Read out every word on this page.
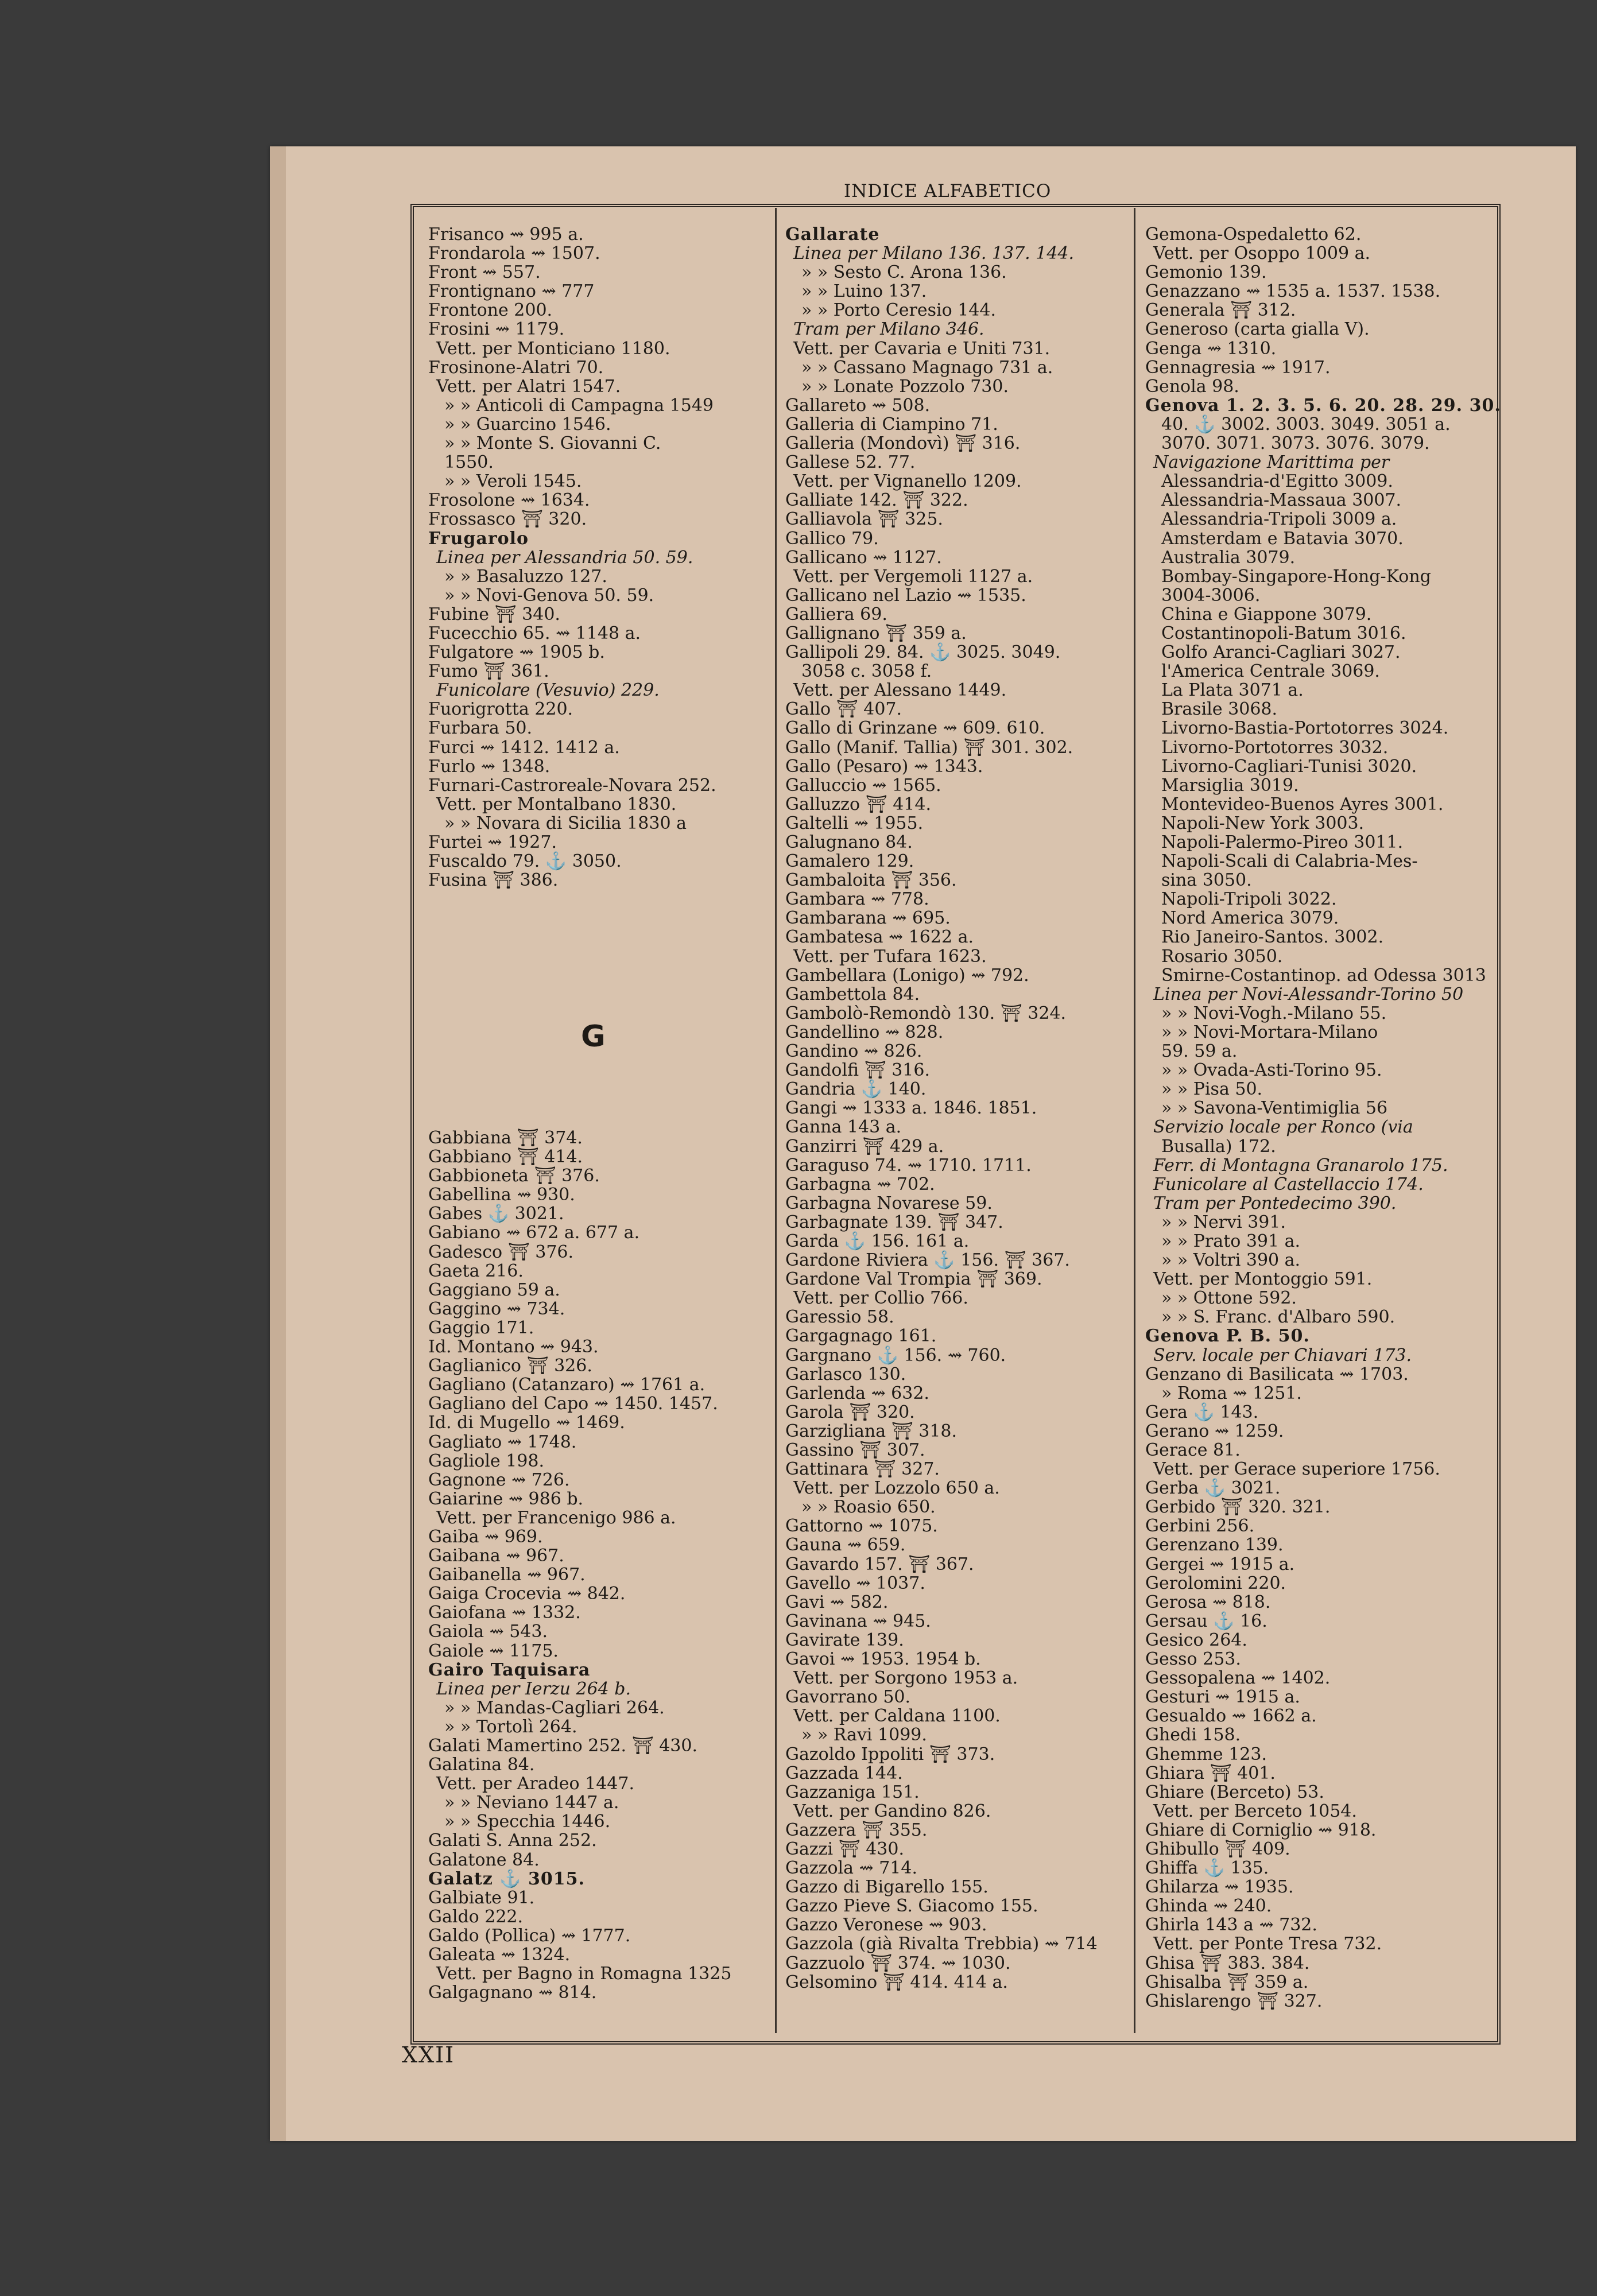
INDICE ALFABETICO
Frisanco ⇝ 995 a.
Frondarola ⇝ 1507.
Front ⇝ 557.
Frontignano ⇝ 777
Frontone 200.
Frosini ⇝ 1179.
Vett. per Monticiano 1180.
Frosinone-Alatri 70.
Vett. per Alatri 1547.
» » Anticoli di Campagna 1549
» » Guarcino 1546.
» » Monte S. Giovanni C.
1550.
» » Veroli 1545.
Frosolone ⇝ 1634.
Frossasco ⛩ 320.
Frugarolo
Linea per Alessandria 50. 59.
» » Basaluzzo 127.
» » Novi-Genova 50. 59.
Fubine ⛩ 340.
Fucecchio 65. ⇝ 1148 a.
Fulgatore ⇝ 1905 b.
Fumo ⛩ 361.
Funicolare (Vesuvio) 229.
Fuorigrotta 220.
Furbara 50.
Furci ⇝ 1412. 1412 a.
Furlo ⇝ 1348.
Furnari-Castroreale-Novara 252.
Vett. per Montalbano 1830.
» » Novara di Sicilia 1830 a
Furtei ⇝ 1927.
Fuscaldo 79. ⚓ 3050.
Fusina ⛩ 386.
G
Gabbiana ⛩ 374.
Gabbiano ⛩ 414.
Gabbioneta ⛩ 376.
Gabellina ⇝ 930.
Gabes ⚓ 3021.
Gabiano ⇝ 672 a. 677 a.
Gadesco ⛩ 376.
Gaeta 216.
Gaggiano 59 a.
Gaggino ⇝ 734.
Gaggio 171.
Id. Montano ⇝ 943.
Gaglianico ⛩ 326.
Gagliano (Catanzaro) ⇝ 1761 a.
Gagliano del Capo ⇝ 1450. 1457.
Id. di Mugello ⇝ 1469.
Gagliato ⇝ 1748.
Gagliole 198.
Gagnone ⇝ 726.
Gaiarine ⇝ 986 b.
Vett. per Francenigo 986 a.
Gaiba ⇝ 969.
Gaibana ⇝ 967.
Gaibanella ⇝ 967.
Gaiga Crocevia ⇝ 842.
Gaiofana ⇝ 1332.
Gaiola ⇝ 543.
Gaiole ⇝ 1175.
Gairo Taquisara
Linea per Ierzu 264 b.
» » Mandas-Cagliari 264.
» » Tortolì 264.
Galati Mamertino 252. ⛩ 430.
Galatina 84.
Vett. per Aradeo 1447.
» » Neviano 1447 a.
» » Specchia 1446.
Galati S. Anna 252.
Galatone 84.
Galatz ⚓ 3015.
Galbiate 91.
Galdo 222.
Galdo (Pollica) ⇝ 1777.
Galeata ⇝ 1324.
Vett. per Bagno in Romagna 1325
Galgagnano ⇝ 814.
Gallarate
Linea per Milano 136. 137. 144.
» » Sesto C. Arona 136.
» » Luino 137.
» » Porto Ceresio 144.
Tram per Milano 346.
Vett. per Cavaria e Uniti 731.
» » Cassano Magnago 731 a.
» » Lonate Pozzolo 730.
Gallareto ⇝ 508.
Galleria di Ciampino 71.
Galleria (Mondovì) ⛩ 316.
Gallese 52. 77.
Vett. per Vignanello 1209.
Galliate 142. ⛩ 322.
Galliavola ⛩ 325.
Gallico 79.
Gallicano ⇝ 1127.
Vett. per Vergemoli 1127 a.
Gallicano nel Lazio ⇝ 1535.
Galliera 69.
Gallignano ⛩ 359 a.
Gallipoli 29. 84. ⚓ 3025. 3049.
3058 c. 3058 f.
Vett. per Alessano 1449.
Gallo ⛩ 407.
Gallo di Grinzane ⇝ 609. 610.
Gallo (Manif. Tallia) ⛩ 301. 302.
Gallo (Pesaro) ⇝ 1343.
Galluccio ⇝ 1565.
Galluzzo ⛩ 414.
Galtelli ⇝ 1955.
Galugnano 84.
Gamalero 129.
Gambaloita ⛩ 356.
Gambara ⇝ 778.
Gambarana ⇝ 695.
Gambatesa ⇝ 1622 a.
Vett. per Tufara 1623.
Gambellara (Lonigo) ⇝ 792.
Gambettola 84.
Gambolò-Remondò 130. ⛩ 324.
Gandellino ⇝ 828.
Gandino ⇝ 826.
Gandolfi ⛩ 316.
Gandria ⚓ 140.
Gangi ⇝ 1333 a. 1846. 1851.
Ganna 143 a.
Ganzirri ⛩ 429 a.
Garaguso 74. ⇝ 1710. 1711.
Garbagna ⇝ 702.
Garbagna Novarese 59.
Garbagnate 139. ⛩ 347.
Garda ⚓ 156. 161 a.
Gardone Riviera ⚓ 156. ⛩ 367.
Gardone Val Trompia ⛩ 369.
Vett. per Collio 766.
Garessio 58.
Gargagnago 161.
Gargnano ⚓ 156. ⇝ 760.
Garlasco 130.
Garlenda ⇝ 632.
Garola ⛩ 320.
Garzigliana ⛩ 318.
Gassino ⛩ 307.
Gattinara ⛩ 327.
Vett. per Lozzolo 650 a.
» » Roasio 650.
Gattorno ⇝ 1075.
Gauna ⇝ 659.
Gavardo 157. ⛩ 367.
Gavello ⇝ 1037.
Gavi ⇝ 582.
Gavinana ⇝ 945.
Gavirate 139.
Gavoi ⇝ 1953. 1954 b.
Vett. per Sorgono 1953 a.
Gavorrano 50.
Vett. per Caldana 1100.
» » Ravi 1099.
Gazoldo Ippoliti ⛩ 373.
Gazzada 144.
Gazzaniga 151.
Vett. per Gandino 826.
Gazzera ⛩ 355.
Gazzi ⛩ 430.
Gazzola ⇝ 714.
Gazzo di Bigarello 155.
Gazzo Pieve S. Giacomo 155.
Gazzo Veronese ⇝ 903.
Gazzola (già Rivalta Trebbia) ⇝ 714
Gazzuolo ⛩ 374. ⇝ 1030.
Gelsomino ⛩ 414. 414 a.
Gemona-Ospedaletto 62.
Vett. per Osoppo 1009 a.
Gemonio 139.
Genazzano ⇝ 1535 a. 1537. 1538.
Generala ⛩ 312.
Generoso (carta gialla V).
Genga ⇝ 1310.
Gennagresia ⇝ 1917.
Genola 98.
Genova 1. 2. 3. 5. 6. 20. 28. 29. 30.
40. ⚓ 3002. 3003. 3049. 3051 a.
3070. 3071. 3073. 3076. 3079.
Navigazione Marittima per
Alessandria-d'Egitto 3009.
Alessandria-Massaua 3007.
Alessandria-Tripoli 3009 a.
Amsterdam e Batavia 3070.
Australia 3079.
Bombay-Singapore-Hong-Kong
3004-3006.
China e Giappone 3079.
Costantinopoli-Batum 3016.
Golfo Aranci-Cagliari 3027.
l'America Centrale 3069.
La Plata 3071 a.
Brasile 3068.
Livorno-Bastia-Portotorres 3024.
Livorno-Portotorres 3032.
Livorno-Cagliari-Tunisi 3020.
Marsiglia 3019.
Montevideo-Buenos Ayres 3001.
Napoli-New York 3003.
Napoli-Palermo-Pireo 3011.
Napoli-Scali di Calabria-Mes-
sina 3050.
Napoli-Tripoli 3022.
Nord America 3079.
Rio Janeiro-Santos. 3002.
Rosario 3050.
Smirne-Costantinop. ad Odessa 3013
Linea per Novi-Alessandr-Torino 50
» » Novi-Vogh.-Milano 55.
» » Novi-Mortara-Milano
59. 59 a.
» » Ovada-Asti-Torino 95.
» » Pisa 50.
» » Savona-Ventimiglia 56
Servizio locale per Ronco (via
Busalla) 172.
Ferr. di Montagna Granarolo 175.
Funicolare al Castellaccio 174.
Tram per Pontedecimo 390.
» » Nervi 391.
» » Prato 391 a.
» » Voltri 390 a.
Vett. per Montoggio 591.
» » Ottone 592.
» » S. Franc. d'Albaro 590.
Genova P. B. 50.
Serv. locale per Chiavari 173.
Genzano di Basilicata ⇝ 1703.
» Roma ⇝ 1251.
Gera ⚓ 143.
Gerano ⇝ 1259.
Gerace 81.
Vett. per Gerace superiore 1756.
Gerba ⚓ 3021.
Gerbido ⛩ 320. 321.
Gerbini 256.
Gerenzano 139.
Gergei ⇝ 1915 a.
Gerolomini 220.
Gerosa ⇝ 818.
Gersau ⚓ 16.
Gesico 264.
Gesso 253.
Gessopalena ⇝ 1402.
Gesturi ⇝ 1915 a.
Gesualdo ⇝ 1662 a.
Ghedi 158.
Ghemme 123.
Ghiara ⛩ 401.
Ghiare (Berceto) 53.
Vett. per Berceto 1054.
Ghiare di Corniglio ⇝ 918.
Ghibullo ⛩ 409.
Ghiffa ⚓ 135.
Ghilarza ⇝ 1935.
Ghinda ⇝ 240.
Ghirla 143 a ⇝ 732.
Vett. per Ponte Tresa 732.
Ghisa ⛩ 383. 384.
Ghisalba ⛩ 359 a.
Ghislarengo ⛩ 327.
XXII
